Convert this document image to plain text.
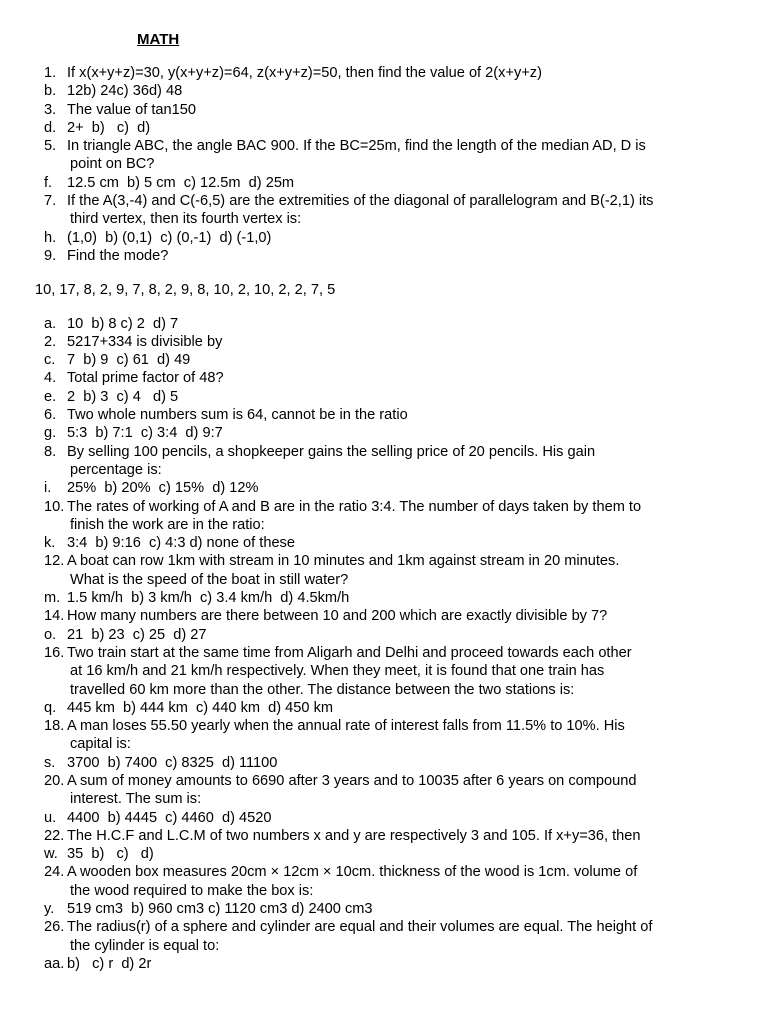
MATH
1. If x(x+y+z)=30, y(x+y+z)=64, z(x+y+z)=50, then find the value of 2(x+y+z)
b. 12b) 24c) 36d) 48
3. The value of tan150
d. 2+  b)   c)  d)
5. In triangle ABC, the angle BAC 900. If the BC=25m, find the length of the median AD, D is
point on BC?
f.	12.5 cm  b) 5 cm  c) 12.5m  d) 25m
7. If the A(3,-4) and C(-6,5) are the extremities of the diagonal of parallelogram and B(-2,1) its
third vertex, then its fourth vertex is:
h. (1,0)  b) (0,1)  c) (0,-1)  d) (-1,0)
9. Find the mode?
10, 17, 8, 2, 9, 7, 8, 2, 9, 8, 10, 2, 10, 2, 2, 7, 5
a. 10  b) 8 c) 2  d) 7
2. 5217+334 is divisible by
c. 7  b) 9  c) 61  d) 49
4. Total prime factor of 48?
e. 2  b) 3  c) 4   d) 5
6. Two whole numbers sum is 64, cannot be in the ratio
g. 5:3  b) 7:1  c) 3:4  d) 9:7
8. By selling 100 pencils, a shopkeeper gains the selling price of 20 pencils. His gain
percentage is:
i.	25%  b) 20%  c) 15%  d) 12%
10. The rates of working of A and B are in the ratio 3:4. The number of days taken by them to
finish the work are in the ratio:
k. 3:4  b) 9:16  c) 4:3 d) none of these
12. A boat can row 1km with stream in 10 minutes and 1km against stream in 20 minutes.
What is the speed of the boat in still water?
m. 1.5 km/h  b) 3 km/h  c) 3.4 km/h  d) 4.5km/h
14. How many numbers are there between 10 and 200 which are exactly divisible by 7?
o. 21  b) 23  c) 25  d) 27
16. Two train start at the same time from Aligarh and Delhi and proceed towards each other
at 16 km/h and 21 km/h respectively. When they meet, it is found that one train has
travelled 60 km more than the other. The distance between the two stations is:
q. 445 km  b) 444 km  c) 440 km  d) 450 km
18. A man loses 55.50 yearly when the annual rate of interest falls from 11.5% to 10%. His
capital is:
s. 3700  b) 7400  c) 8325  d) 11100
20. A sum of money amounts to 6690 after 3 years and to 10035 after 6 years on compound
interest. The sum is:
u. 4400  b) 4445  c) 4460  d) 4520
22. The H.C.F and L.C.M of two numbers x and y are respectively 3 and 105. If x+y=36, then
w. 35  b)   c)   d)
24. A wooden box measures 20cm × 12cm × 10cm. thickness of the wood is 1cm. volume of
the wood required to make the box is:
y. 519 cm3  b) 960 cm3 c) 1120 cm3 d) 2400 cm3
26. The radius(r) of a sphere and cylinder are equal and their volumes are equal. The height of
the cylinder is equal to:
aa. b)   c) r  d) 2r
